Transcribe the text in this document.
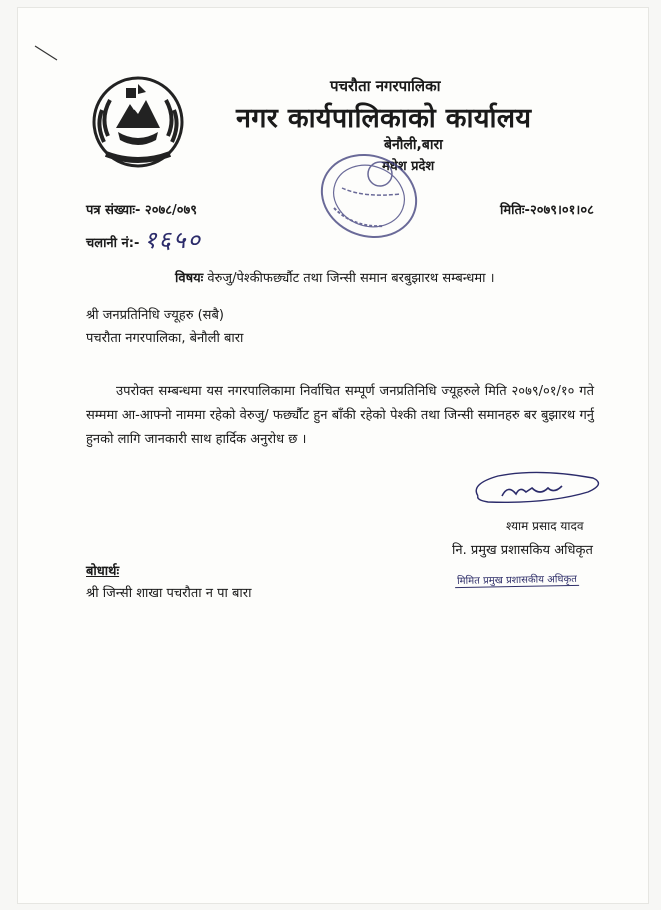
पचरौता नगरपालिका
नगर कार्यपालिकाको कार्यालय
बेनौली,बारा
मधेश प्रदेश
पत्र संख्याः- २०७८/०७९	मितिः-२०७९।०१।०८
चलानी नं:- १६५०
विषयः वेरुजु/पेश्कीफर्छ्यौट तथा जिन्सी समान बरबुझारथ सम्बन्धमा ।
श्री जनप्रतिनिधि ज्यूहरु (सबै)
पचरौता नगरपालिका, बेनौली बारा
उपरोक्त सम्बन्धमा यस नगरपालिकामा निर्वाचित सम्पूर्ण जनप्रतिनिधि ज्यूहरुले मिति २०७९/०१/१० गते सम्ममा आ-आफ्नो नाममा रहेको वेरुजु/ फर्छ्यौट हुन बाँकी रहेको पेश्की तथा जिन्सी समानहरु बर बुझारथ गर्नु हुनको लागि जानकारी साथ हार्दिक अनुरोध छ ।
श्याम प्रसाद यादव
नि. प्रमुख प्रशासकिय अधिकृत
मिमित प्रमुख प्रशासकीय अधिकृत
बोधार्थः
श्री जिन्सी शाखा पचरौता न पा बारा
